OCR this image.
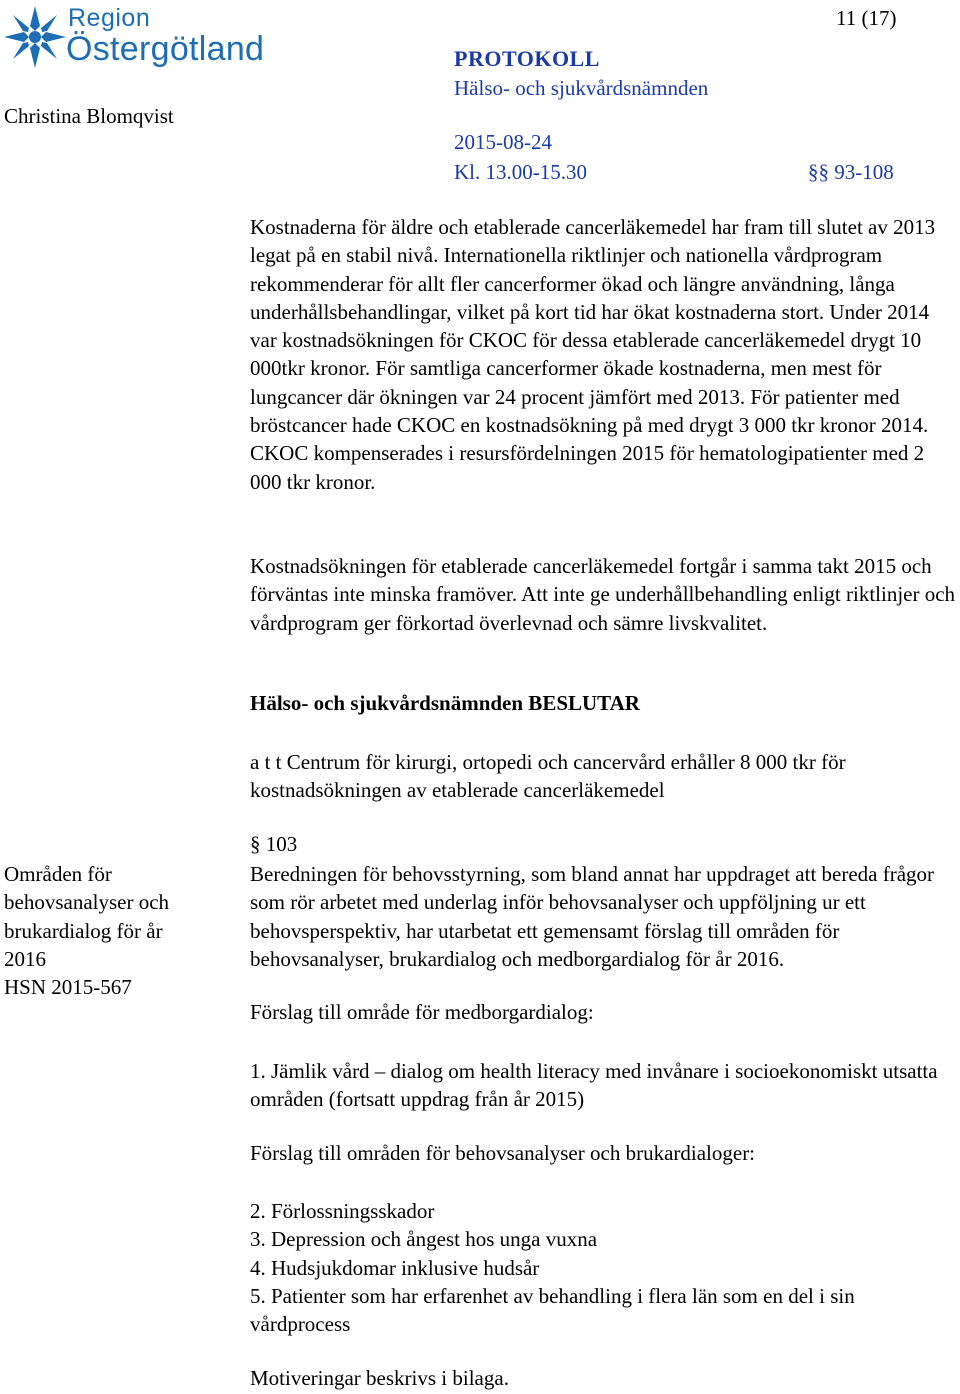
Region
Östergötland
11 (17)
PROTOKOLL
Hälso- och sjukvårdsnämnden
Christina Blomqvist
2015-08-24
Kl. 13.00-15.30	§§ 93-108

Kostnaderna för äldre och etablerade cancerläkemedel har fram till slutet av 2013 legat på en stabil nivå. Internationella riktlinjer och nationella vårdprogram rekommenderar för allt fler cancerformer ökad och längre användning, långa underhållsbehandlingar, vilket på kort tid har ökat kostnaderna stort. Under 2014 var kostnadsökningen för CKOC för dessa etablerade cancerläkemedel drygt 10 000tkr kronor. För samtliga cancerformer ökade kostnaderna, men mest för lungcancer där ökningen var 24 procent jämfört med 2013. För patienter med bröstcancer hade CKOC en kostnadsökning på med drygt 3 000 tkr kronor 2014. CKOC kompenserades i resursfördelningen 2015 för hematologipatienter med 2 000 tkr kronor.

Kostnadsökningen för etablerade cancerläkemedel fortgår i samma takt 2015 och förväntas inte minska framöver. Att inte ge underhållbehandling enligt riktlinjer och vårdprogram ger förkortad överlevnad och sämre livskvalitet.

Hälso- och sjukvårdsnämnden BESLUTAR

a t t Centrum för kirurgi, ortopedi och cancervård erhåller 8 000 tkr för kostnadsökningen av etablerade cancerläkemedel

§ 103
Områden för behovsanalyser och brukardialog för år 2016
HSN 2015-567

Beredningen för behovsstyrning, som bland annat har uppdraget att bereda frågor som rör arbetet med underlag inför behovsanalyser och uppföljning ur ett behovsperspektiv, har utarbetat ett gemensamt förslag till områden för behovsanalyser, brukardialog och medborgardialog för år 2016.

Förslag till område för medborgardialog:

1. Jämlik vård – dialog om health literacy med invånare i socioekonomiskt utsatta områden (fortsatt uppdrag från år 2015)

Förslag till områden för behovsanalyser och brukardialoger:
2. Förlossningsskador
3. Depression och ångest hos unga vuxna
4. Hudsjukdomar inklusive hudsår
5. Patienter som har erfarenhet av behandling i flera län som en del i sin vårdprocess
Motiveringar beskrivs i bilaga.
